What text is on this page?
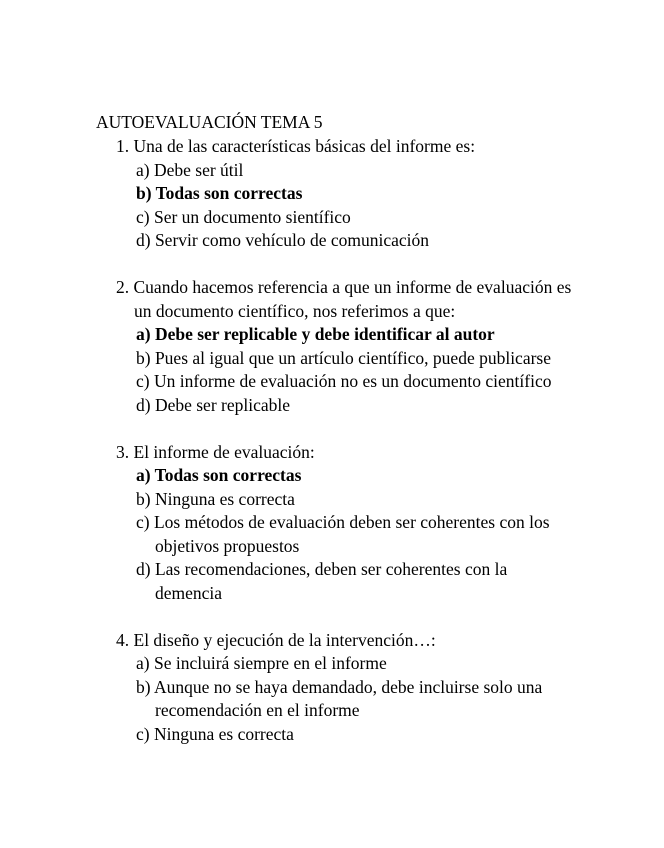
AUTOEVALUACIÓN TEMA 5
1. Una de las características básicas del informe es:
a) Debe ser útil
b) Todas son correctas
c) Ser un documento sientífico
d) Servir como vehículo de comunicación
2. Cuando hacemos referencia a que un informe de evaluación es un documento científico, nos referimos a que:
a) Debe ser replicable y debe identificar al autor
b) Pues al igual que un artículo científico, puede publicarse
c) Un informe de evaluación no es un documento científico
d) Debe ser replicable
3. El informe de evaluación:
a) Todas son correctas
b) Ninguna es correcta
c) Los métodos de evaluación deben ser coherentes con los objetivos propuestos
d) Las recomendaciones, deben ser coherentes con la demencia
4. El diseño y ejecución de la intervención…:
a) Se incluirá siempre en el informe
b) Aunque no se haya demandado, debe incluirse solo una recomendación en el informe
c) Ninguna es correcta
